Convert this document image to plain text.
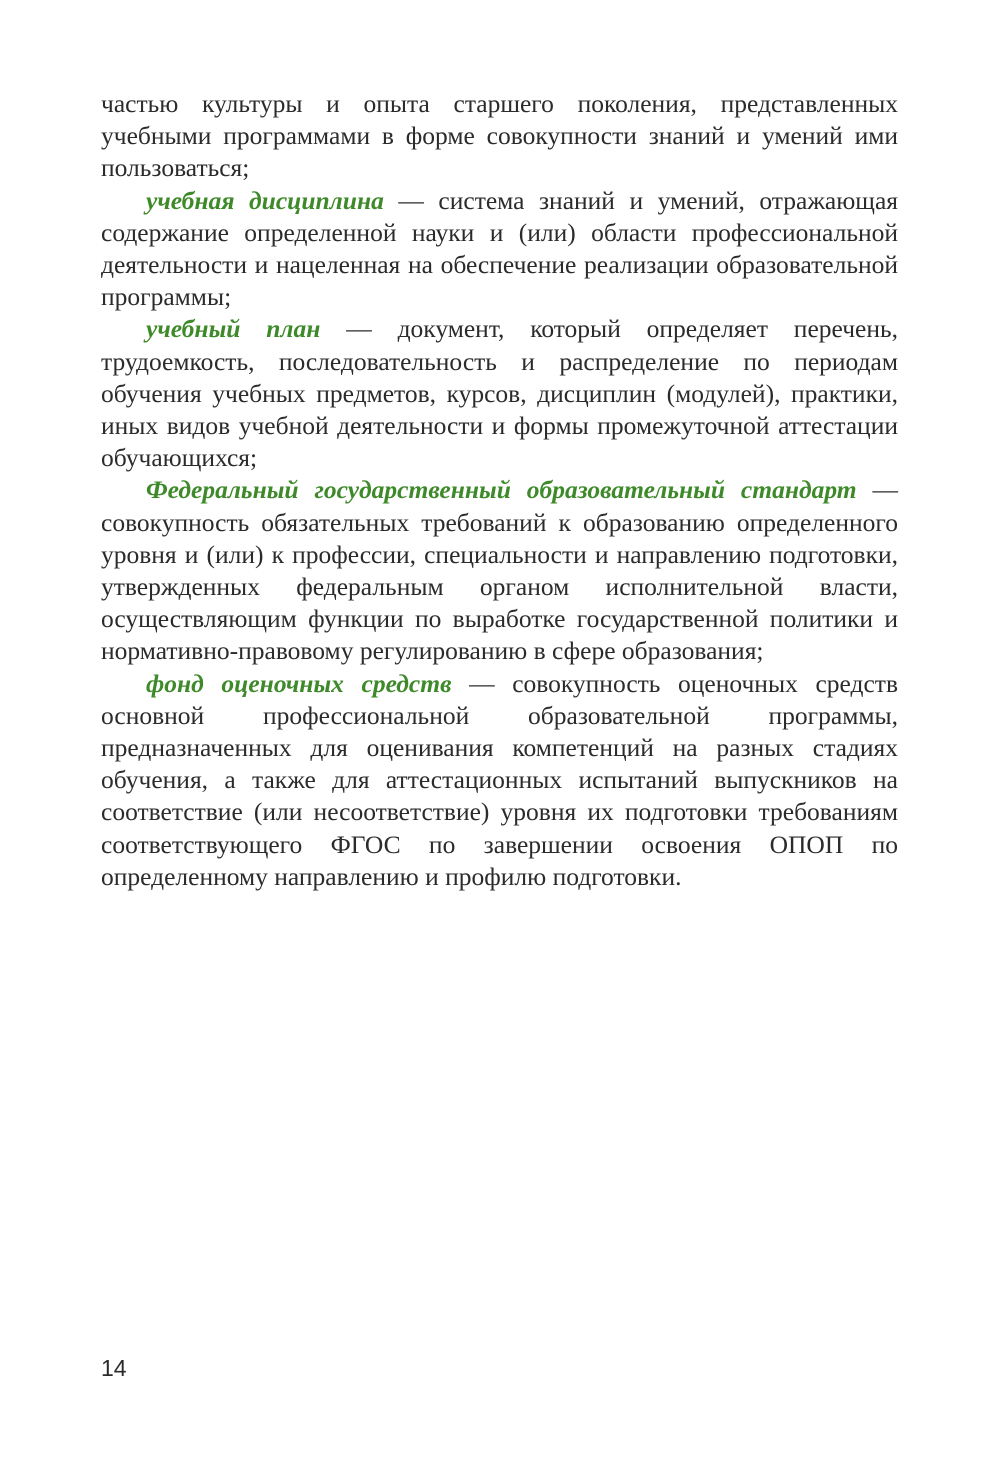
частью культуры и опыта старшего поколения, представленных учебными программами в форме совокупности знаний и умений ими пользоваться;

учебная дисциплина — система знаний и умений, отражающая содержание определенной науки и (или) области профессиональной деятельности и нацеленная на обеспечение реализации образовательной программы;

учебный план — документ, который определяет перечень, трудоемкость, последовательность и распределение по периодам обучения учебных предметов, курсов, дисциплин (модулей), практики, иных видов учебной деятельности и формы промежуточной аттестации обучающихся;

Федеральный государственный образовательный стандарт — совокупность обязательных требований к образованию определенного уровня и (или) к профессии, специальности и направлению подготовки, утвержденных федеральным органом исполнительной власти, осуществляющим функции по выработке государственной политики и нормативно-правовому регулированию в сфере образования;

фонд оценочных средств — совокупность оценочных средств основной профессиональной образовательной программы, предназначенных для оценивания компетенций на разных стадиях обучения, а также для аттестационных испытаний выпускников на соответствие (или несоответствие) уровня их подготовки требованиям соответствующего ФГОС по завершении освоения ОПОП по определенному направлению и профилю подготовки.

14
